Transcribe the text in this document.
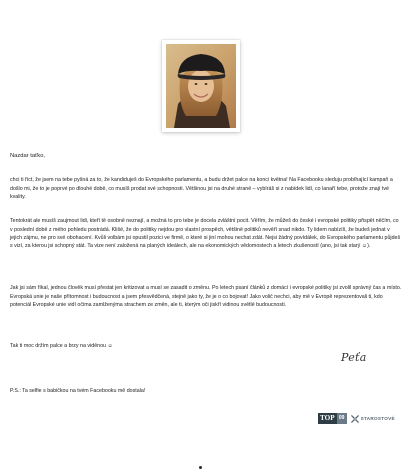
Nazdar taťko,

chci ti říct, že jsem na tebe pyšná za to, že kandiduješ do Evropského parlamentu, a budu držet palce na konci května! Na Facebooku sleduju probíhající kampaň a došlo mi, že to je poprvé po dlouhé době, co musíš prodat své schopnosti. Většinou jsi na druhé straně – vybíráš si z nabídek lidí, co lanaří tebe, protože znají tvé kvality.

Tentokrát ale musíš zaujmout lidi, kteří tě osobně neznají, a možná to pro tebe je docela zvláštní pocit. Věřím, že můžeš do české i evropské politiky přispět něčím, co v poslední době z mého pohledu postrádá. Klišé, že do politiky nejdou pro vlastní prospěch, většině politiků nevěří snad nikdo. Ty lidem nabízíš, že budeš jednat v jejich zájmu, ne pro své obohacení. Kvůli volbám jsi opustil pozici ve firmě, o které si jiní mohou nechat zdát. Nejsi žádný povídálek, do Evropského parlamentu půjdeš s vizí, za kterou jsi schopný stát. Ta vize není založená na planých ideálech, ale na ekonomických vědomostech a letech zkušeností (ano, jsi tak starý ☺).

Jak jsi sám říkal, jednou člověk musí přestat jen kritizovat a musí se zasadit o změnu. Po letech psaní článků z domácí i evropské politiky jsi zvolil správný čas a místo. Evropská unie je naše přítomnost i budoucnost a jsem přesvědčená, stejně jako ty, že je o co bojovat! Jako volič nechci, aby mě v Evropě reprezentovali ti, kdo potenciál Evropské unie vidí očima zamlženýma strachem ze změn, ale ti, kterým oči jiskří vidinou světlé budoucnosti.

Tak ti moc držím palce a brzy na viděnou ☺

Peťa

P.S.: Ta selfie s babičkou na tvém Facebooku mě dostala!

TOP 09	STAROSTOVÉ
